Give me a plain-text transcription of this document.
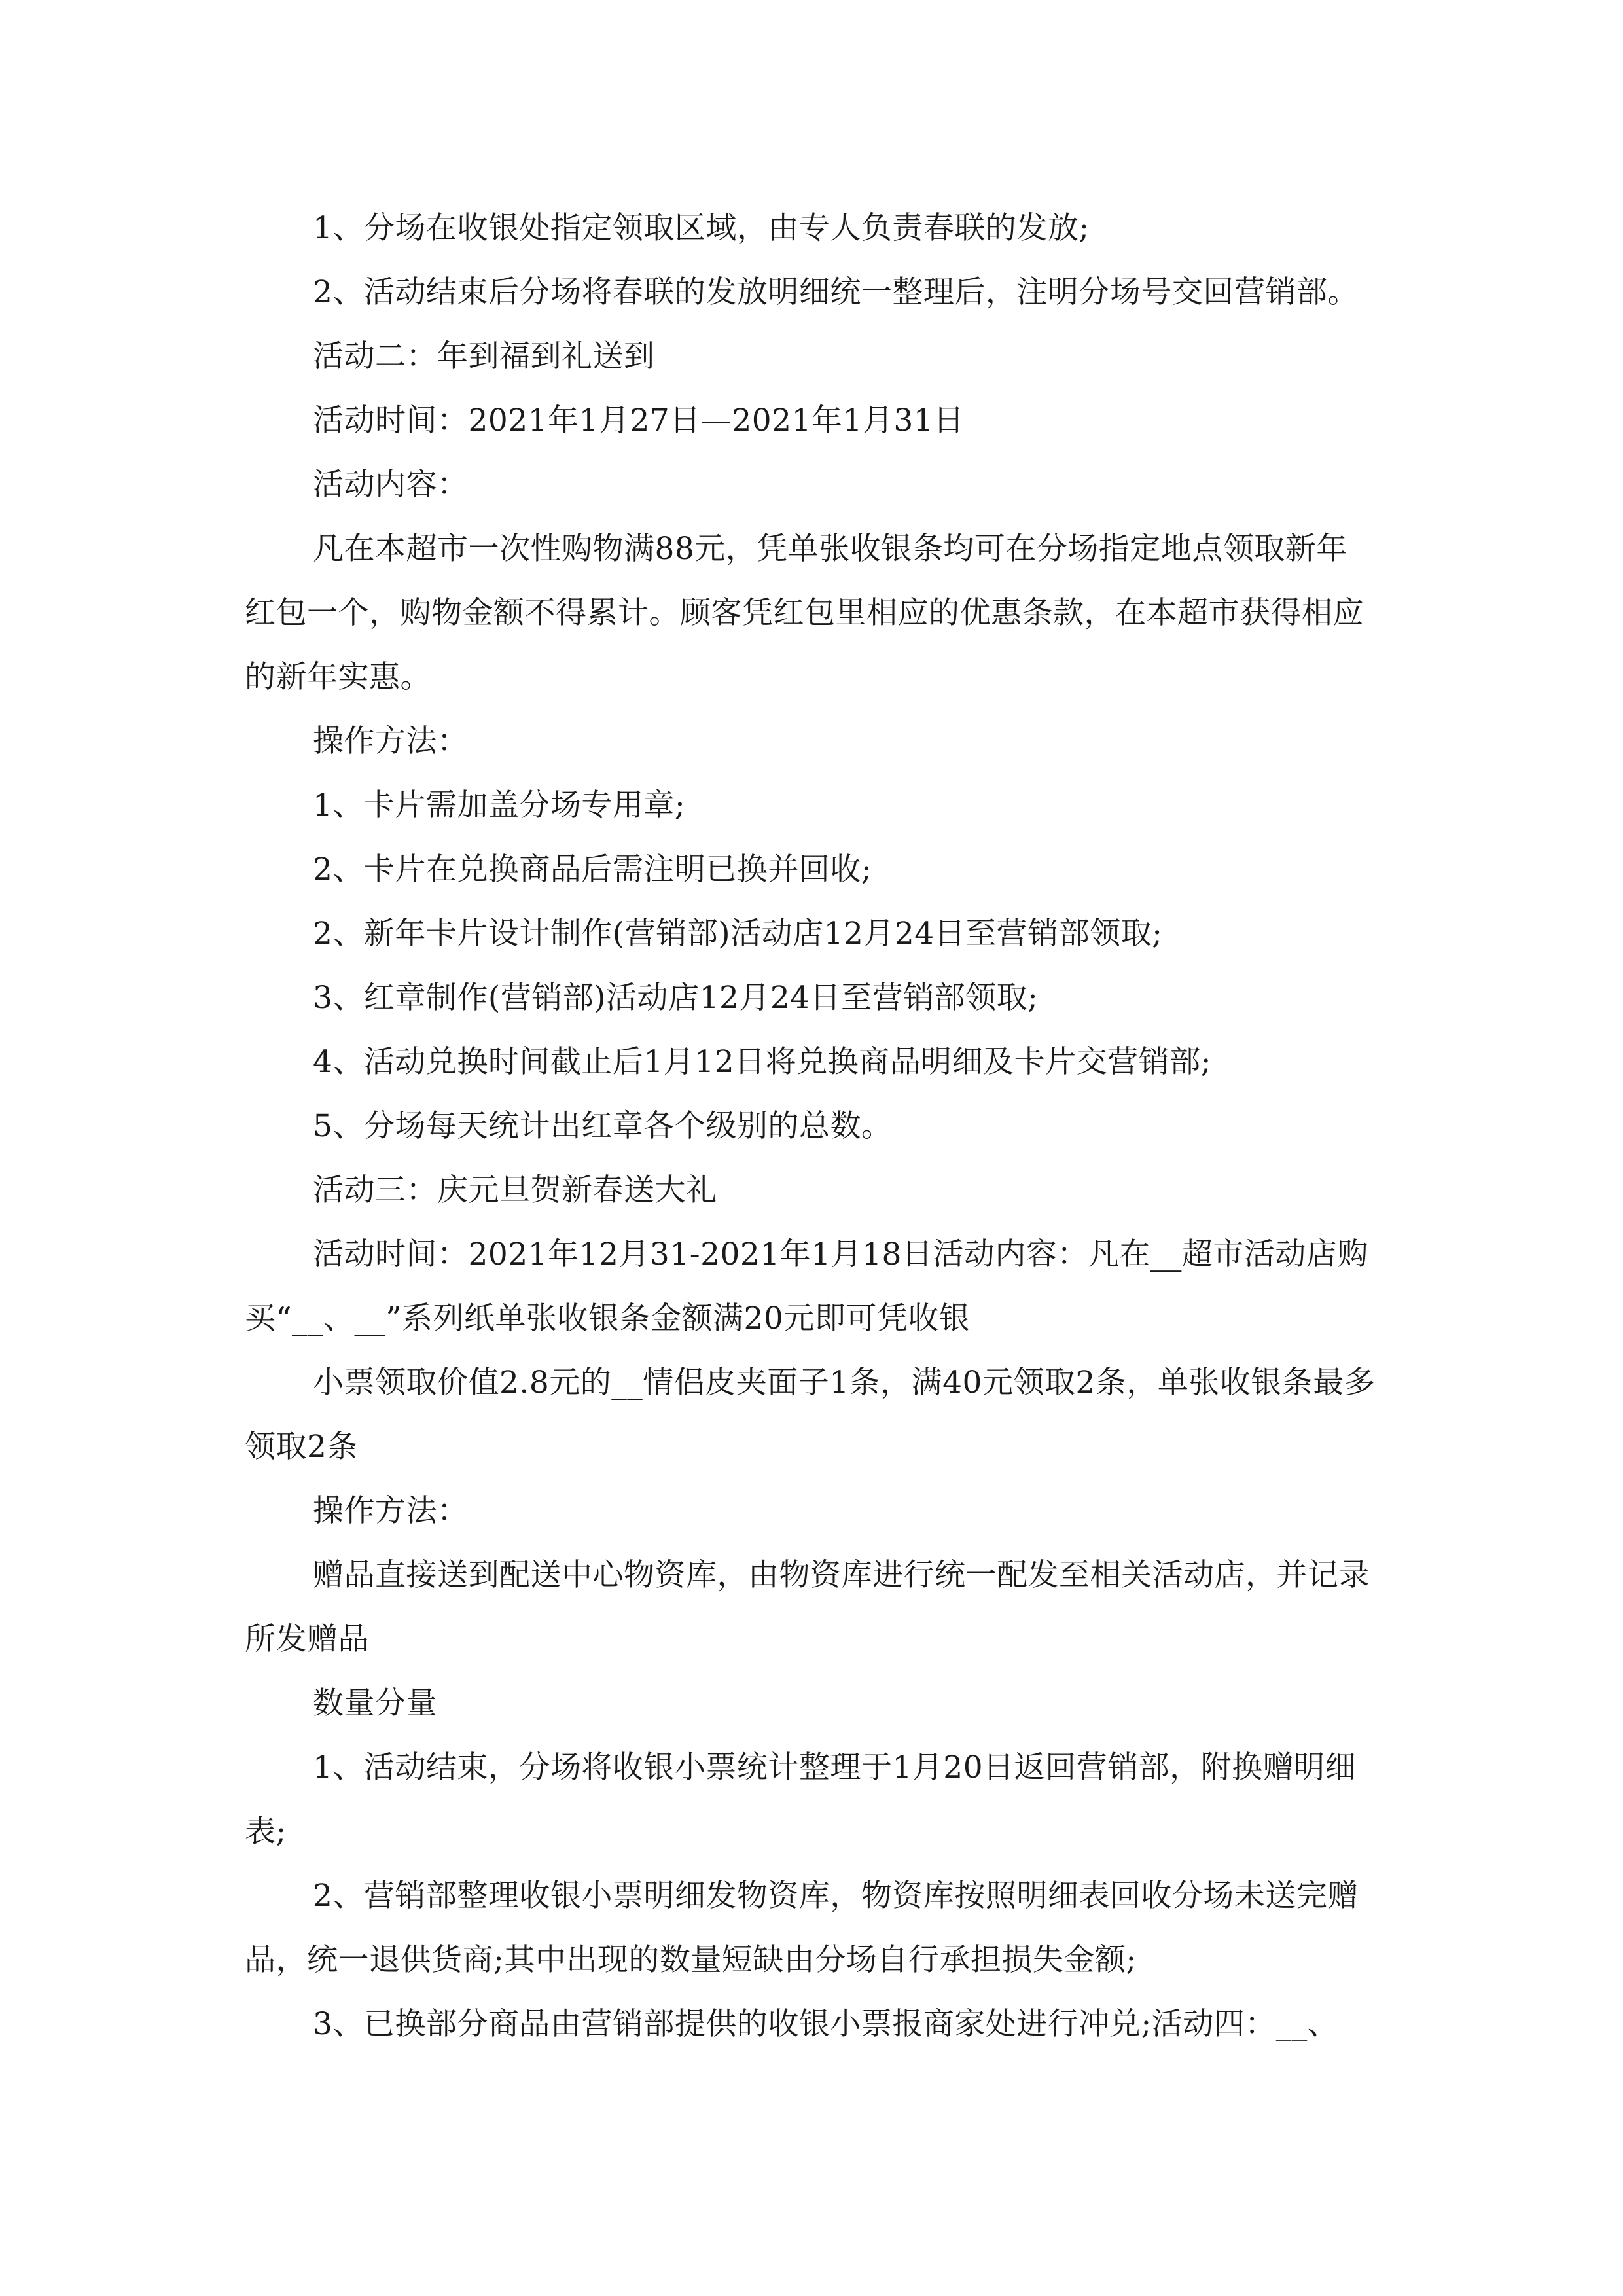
1、分场在收银处指定领取区域，由专人负责春联的发放;

2、活动结束后分场将春联的发放明细统一整理后，注明分场号交回营销部。

活动二：年到福到礼送到

活动时间：2021年1月27日—2021年1月31日

活动内容：

凡在本超市一次性购物满88元，凭单张收银条均可在分场指定地点领取新年红包一个，购物金额不得累计。顾客凭红包里相应的优惠条款，在本超市获得相应的新年实惠。

操作方法：

1、卡片需加盖分场专用章;

2、卡片在兑换商品后需注明已换并回收;

2、新年卡片设计制作(营销部)活动店12月24日至营销部领取;

3、红章制作(营销部)活动店12月24日至营销部领取;

4、活动兑换时间截止后1月12日将兑换商品明细及卡片交营销部;

5、分场每天统计出红章各个级别的总数。

活动三：庆元旦贺新春送大礼

活动时间：2021年12月31-2021年1月18日活动内容：凡在__超市活动店购买“__、__”系列纸单张收银条金额满20元即可凭收银

小票领取价值2.8元的__情侣皮夹面子1条，满40元领取2条，单张收银条最多领取2条

操作方法：

赠品直接送到配送中心物资库，由物资库进行统一配发至相关活动店，并记录所发赠品

数量分量

1、活动结束，分场将收银小票统计整理于1月20日返回营销部，附换赠明细表;

2、营销部整理收银小票明细发物资库，物资库按照明细表回收分场未送完赠品，统一退供货商;其中出现的数量短缺由分场自行承担损失金额;

3、已换部分商品由营销部提供的收银小票报商家处进行冲兑;活动四：__、
